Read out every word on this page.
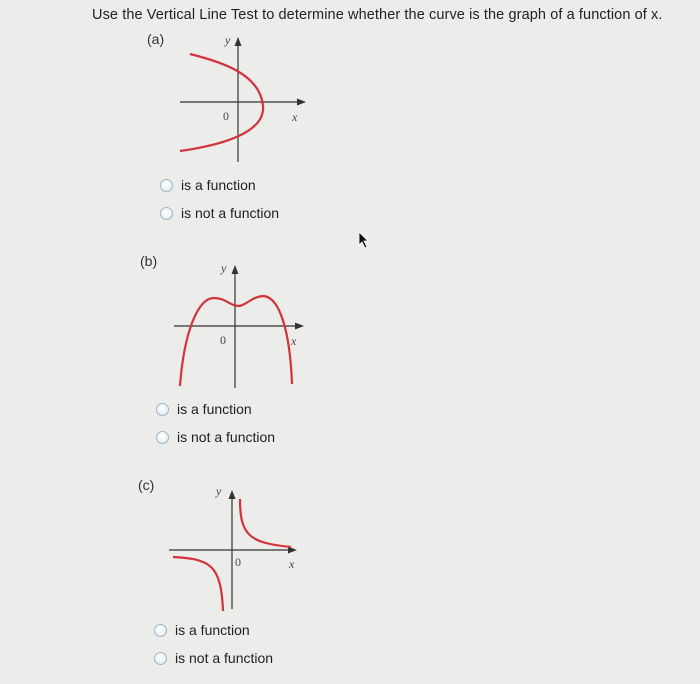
Use the Vertical Line Test to determine whether the curve is the graph of a function of x.
(a)	y
x
0
is a function
is not a function
(b)	y
x
0
is a function
is not a function
(c)	y
x
0
is a function
is not a function
